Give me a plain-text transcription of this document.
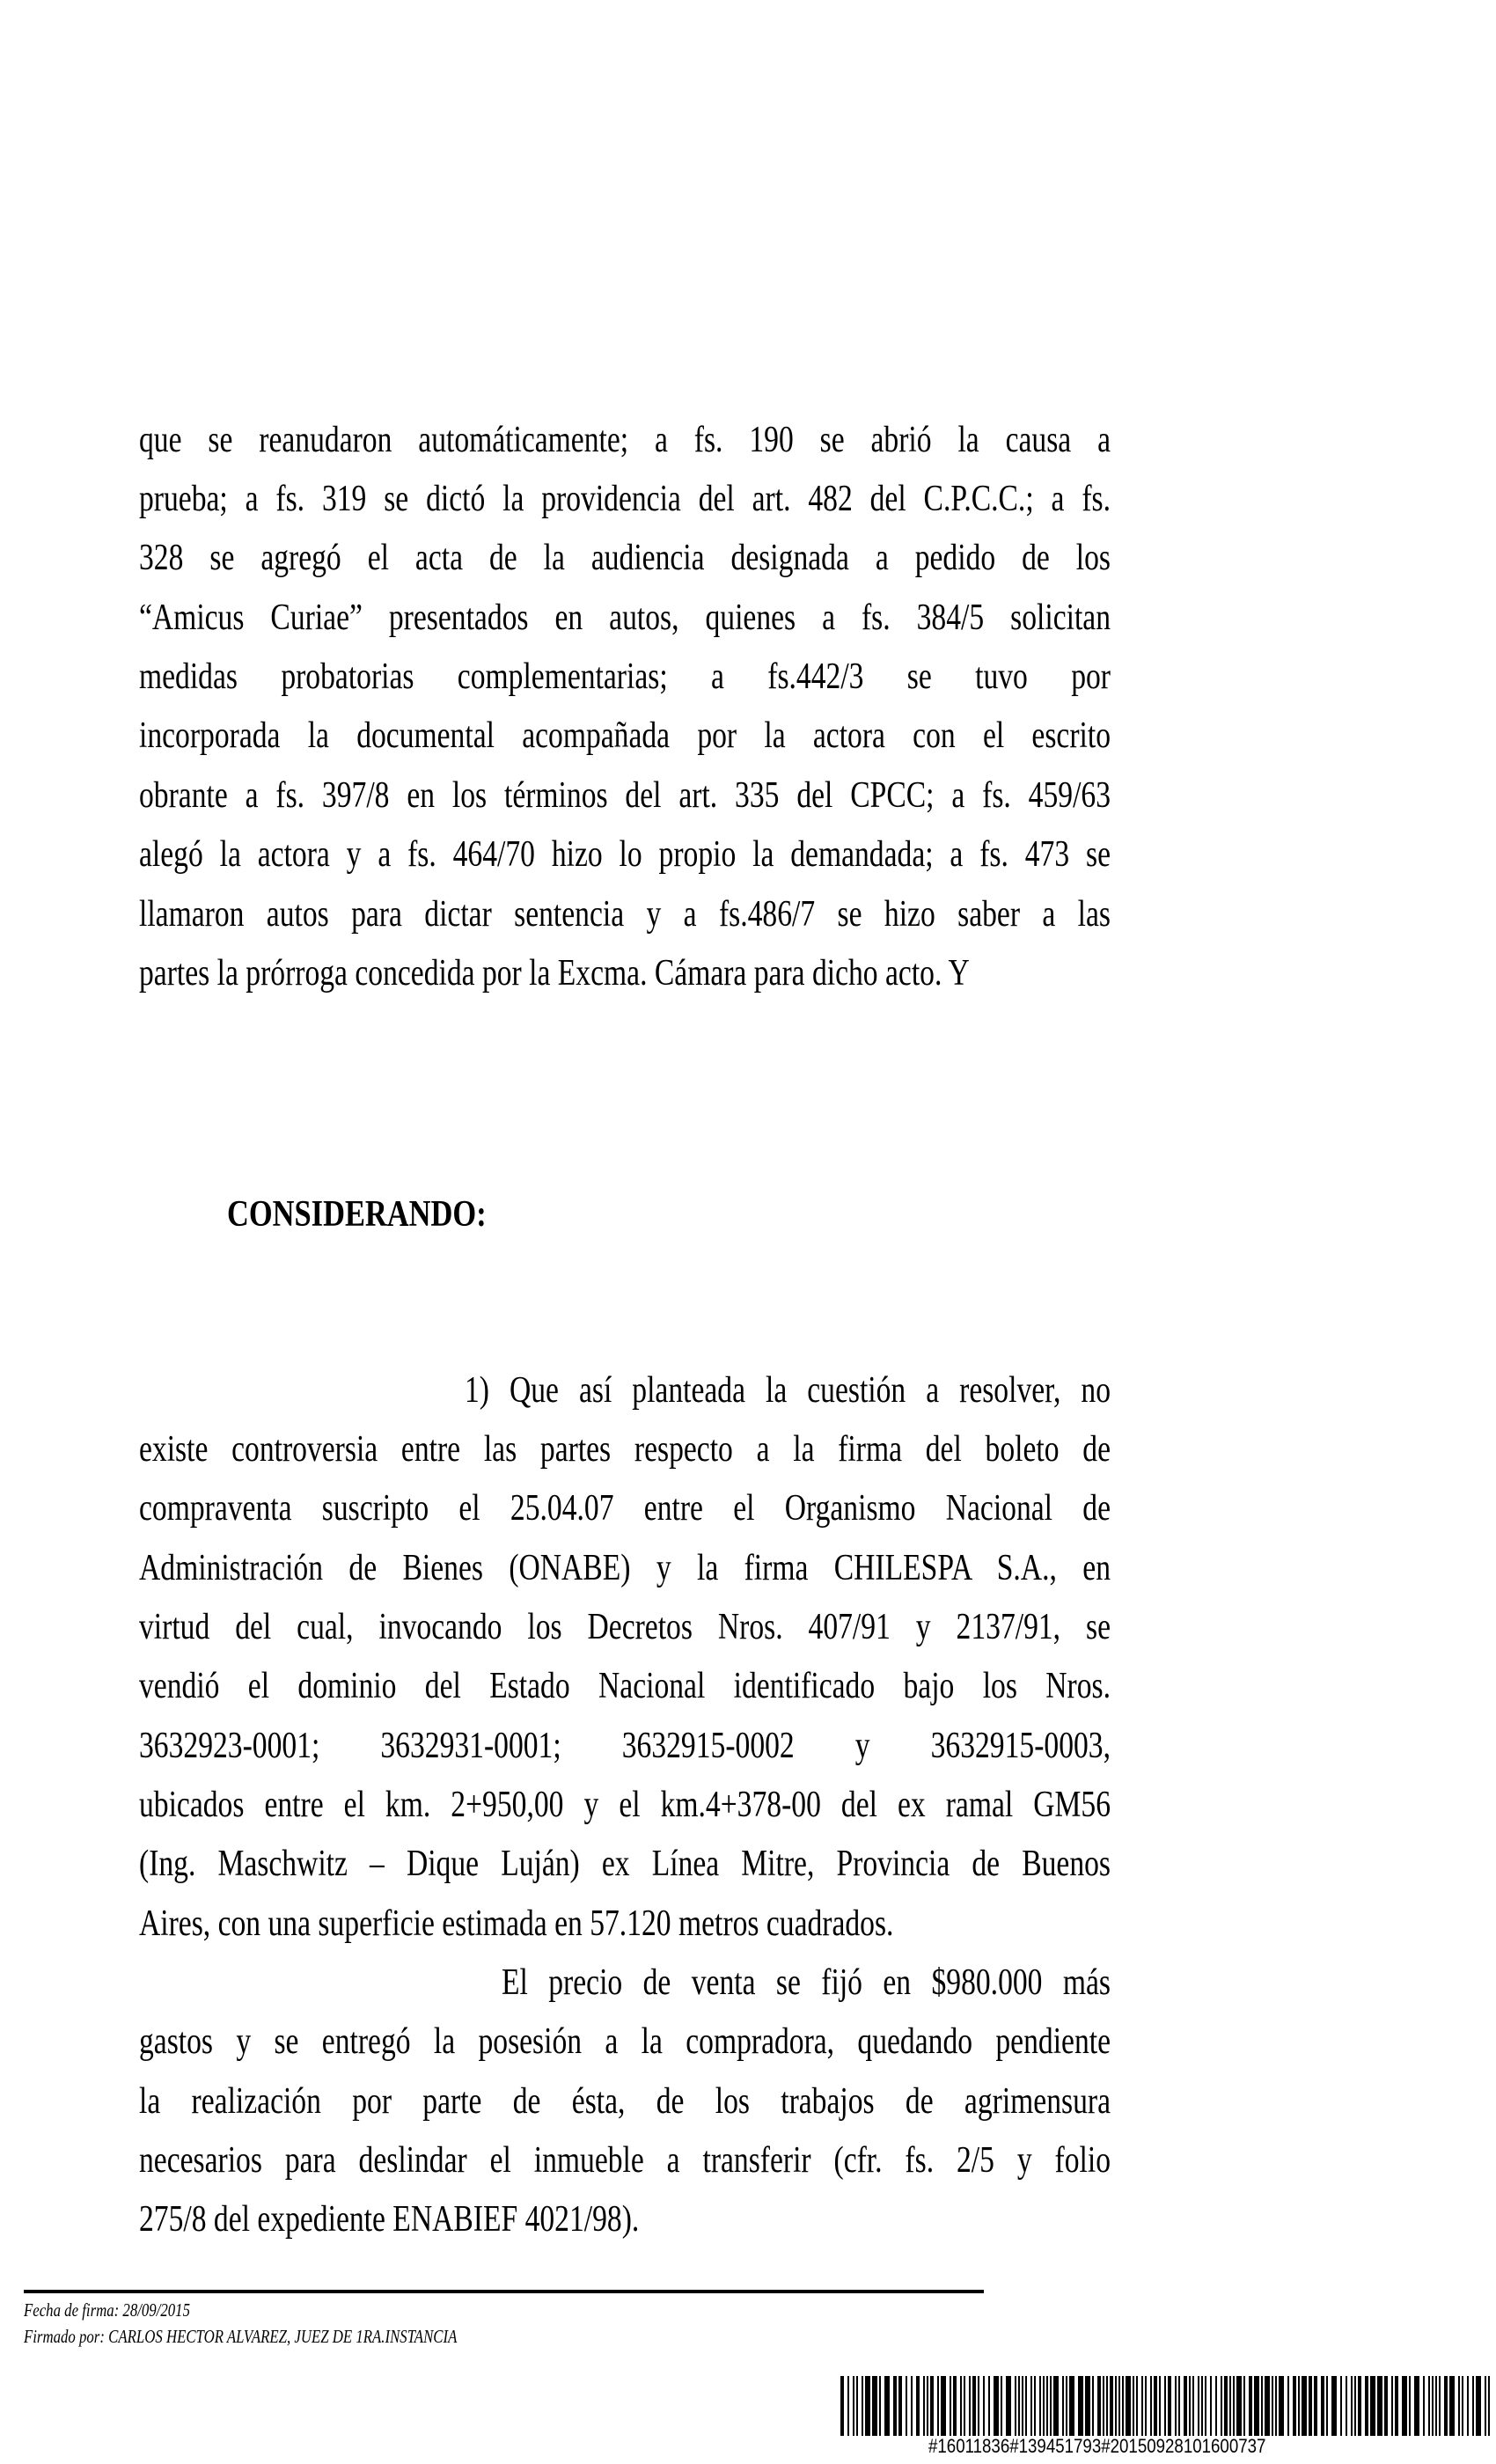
que se reanudaron automáticamente; a fs. 190 se abrió la causa a
prueba; a fs. 319 se dictó la providencia del art. 482 del C.P.C.C.; a fs.
328 se agregó el acta de la audiencia designada a pedido de los
“Amicus Curiae” presentados en autos, quienes a fs. 384/5 solicitan
medidas probatorias complementarias; a fs.442/3 se tuvo por
incorporada la documental acompañada por la actora con el escrito
obrante a fs. 397/8 en los términos del art. 335 del CPCC; a fs. 459/63
alegó la actora y a fs. 464/70 hizo lo propio la demandada; a fs. 473 se
llamaron autos para dictar sentencia y a fs.486/7 se hizo saber a las
partes la prórroga concedida por la Excma. Cámara para dicho acto. Y
CONSIDERANDO:
1) Que así planteada la cuestión a resolver, no
existe controversia entre las partes respecto a la firma del boleto de
compraventa suscripto el 25.04.07 entre el Organismo Nacional de
Administración de Bienes (ONABE) y la firma CHILESPA S.A., en
virtud del cual, invocando los Decretos Nros. 407/91 y 2137/91, se
vendió el dominio del Estado Nacional identificado bajo los Nros.
3632923-0001; 3632931-0001; 3632915-0002 y 3632915-0003,
ubicados entre el km. 2+950,00 y el km.4+378-00 del ex ramal GM56
(Ing. Maschwitz – Dique Luján) ex Línea Mitre, Provincia de Buenos
Aires, con una superficie estimada en 57.120 metros cuadrados.
El precio de venta se fijó en $980.000 más
gastos y se entregó la posesión a la compradora, quedando pendiente
la realización por parte de ésta, de los trabajos de agrimensura
necesarios para deslindar el inmueble a transferir (cfr. fs. 2/5 y folio
275/8 del expediente ENABIEF 4021/98).
Fecha de firma: 28/09/2015
Firmado por: CARLOS HECTOR ALVAREZ, JUEZ DE 1RA.INSTANCIA
#16011836#139451793#20150928101600737
